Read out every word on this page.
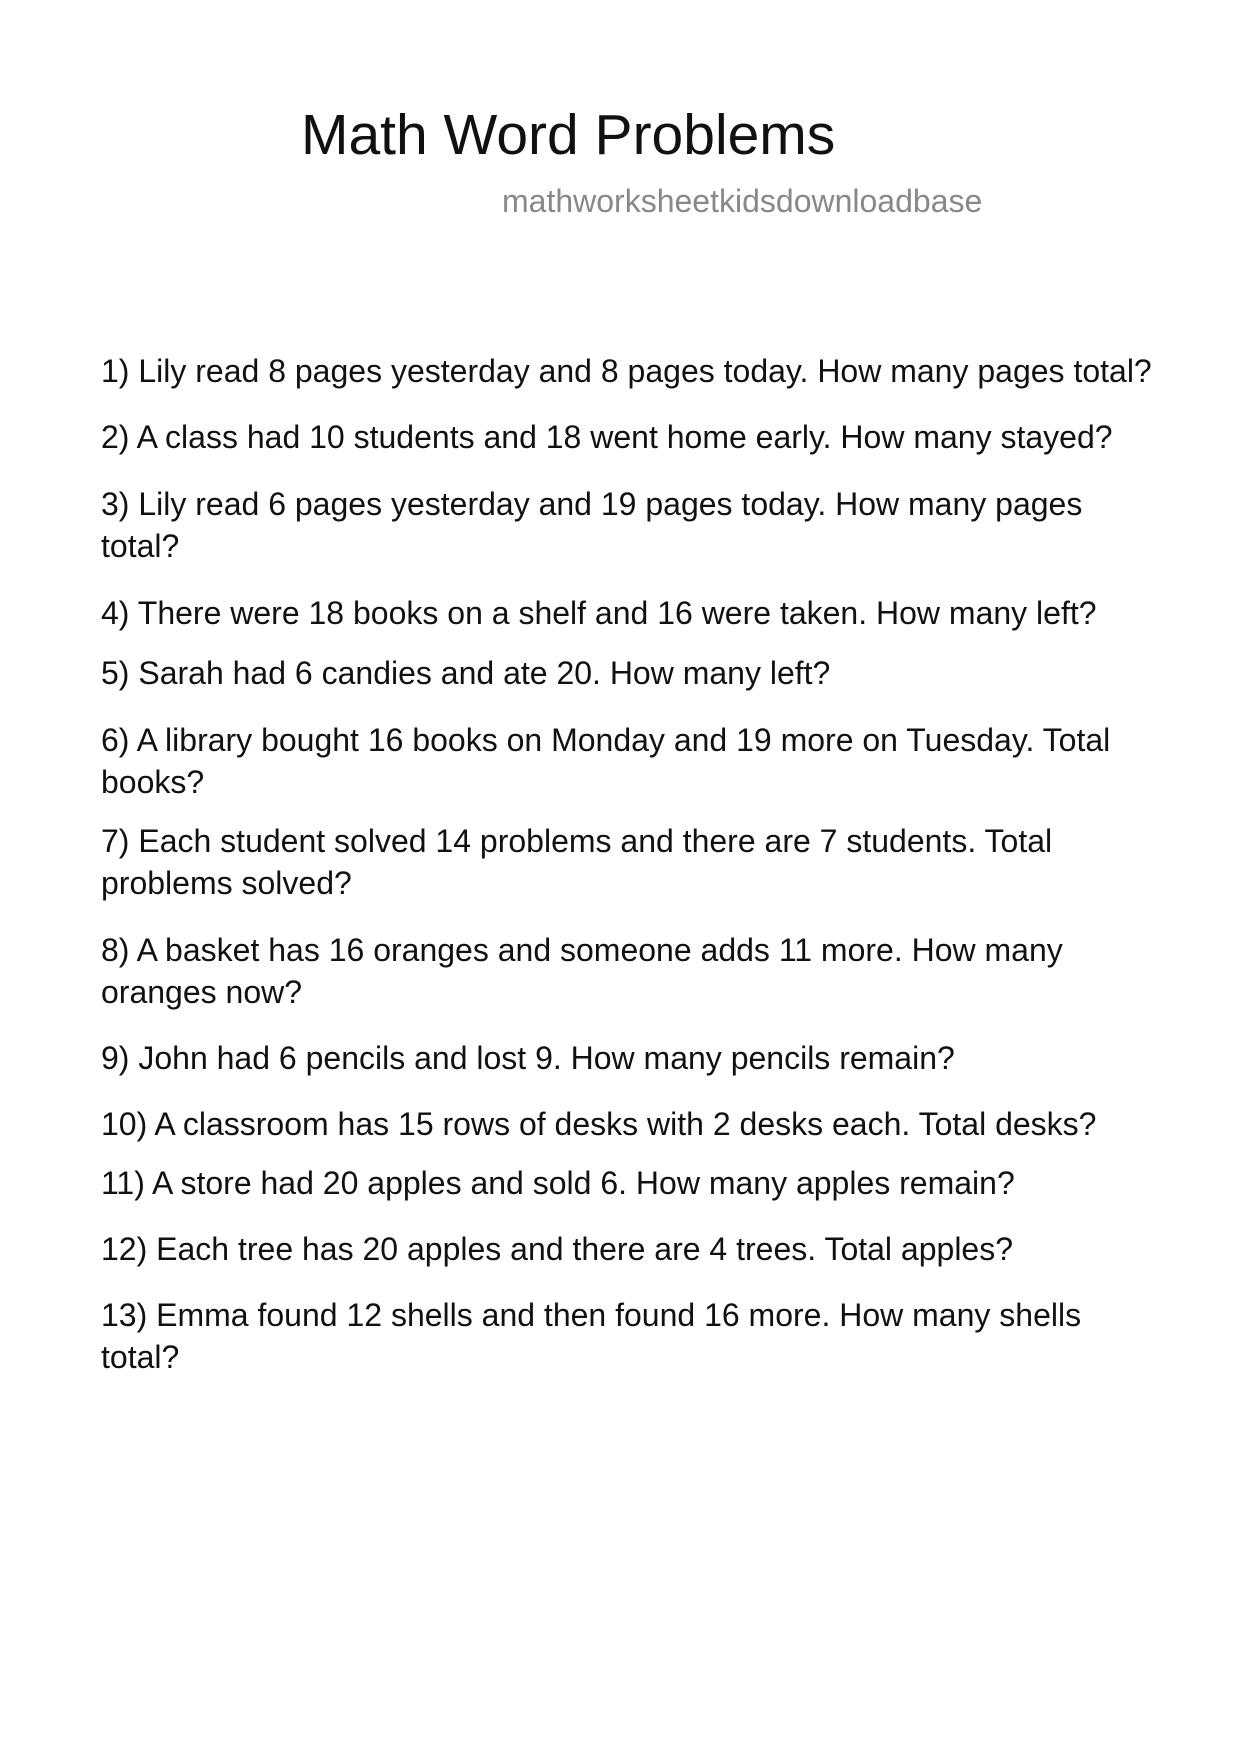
Math Word Problems
mathworksheetkidsdownloadbase
1) Lily read 8 pages yesterday and 8 pages today. How many pages total?
2) A class had 10 students and 18 went home early. How many stayed?
3) Lily read 6 pages yesterday and 19 pages today. How many pages total?
4) There were 18 books on a shelf and 16 were taken. How many left?
5) Sarah had 6 candies and ate 20. How many left?
6) A library bought 16 books on Monday and 19 more on Tuesday. Total books?
7) Each student solved 14 problems and there are 7 students. Total problems solved?
8) A basket has 16 oranges and someone adds 11 more. How many oranges now?
9) John had 6 pencils and lost 9. How many pencils remain?
10) A classroom has 15 rows of desks with 2 desks each. Total desks?
11) A store had 20 apples and sold 6. How many apples remain?
12) Each tree has 20 apples and there are 4 trees. Total apples?
13) Emma found 12 shells and then found 16 more. How many shells total?
